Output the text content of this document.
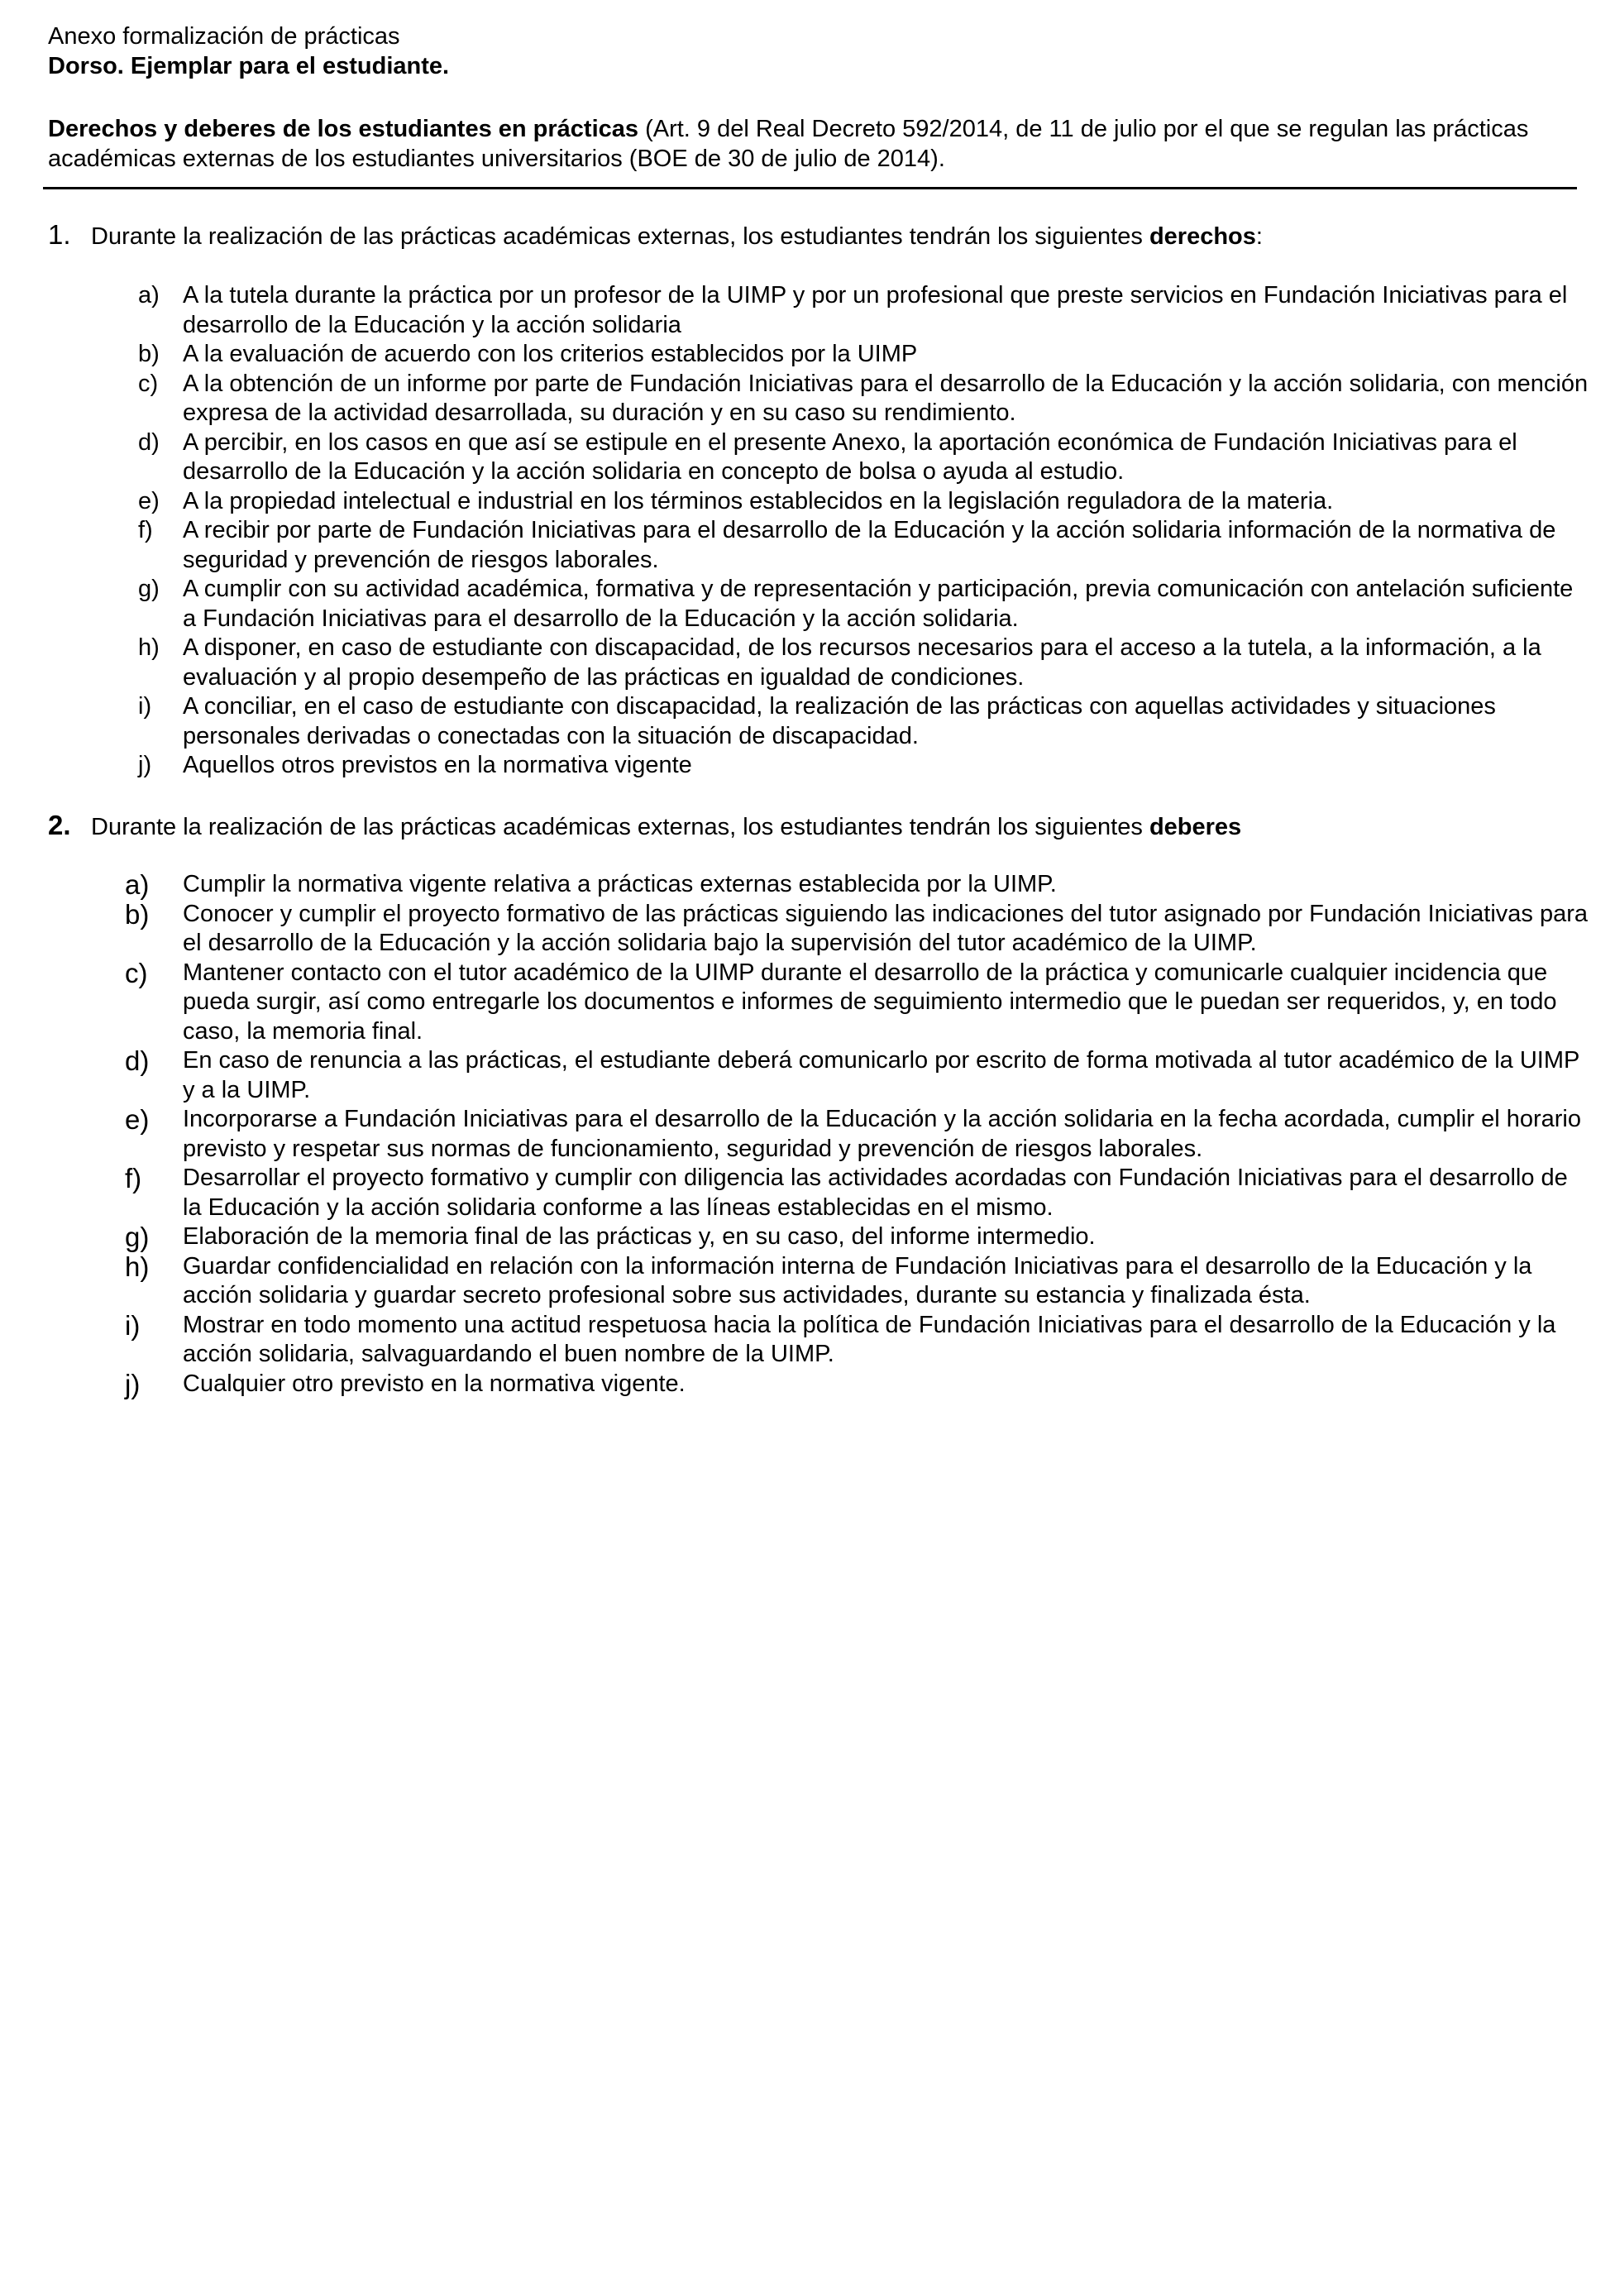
Anexo formalización de prácticas
Dorso. Ejemplar para el estudiante.
Derechos y deberes de los estudiantes en prácticas (Art. 9 del Real Decreto 592/2014, de 11 de julio por el que se regulan las prácticas académicas externas de los estudiantes universitarios (BOE de 30 de julio de 2014).
1. Durante la realización de las prácticas académicas externas, los estudiantes tendrán los siguientes derechos:
a) A la tutela durante la práctica por un profesor de la UIMP y por un profesional que preste servicios en Fundación Iniciativas para el desarrollo de la Educación y la acción solidaria
b) A la evaluación de acuerdo con los criterios establecidos por la UIMP
c) A la obtención de un informe por parte de Fundación Iniciativas para el desarrollo de la Educación y la acción solidaria, con mención expresa de la actividad desarrollada, su duración y en su caso su rendimiento.
d) A percibir, en los casos en que así se estipule en el presente Anexo, la aportación económica de Fundación Iniciativas para el desarrollo de la Educación y la acción solidaria en concepto de bolsa o ayuda al estudio.
e) A la propiedad intelectual e industrial en los términos establecidos en la legislación reguladora de la materia.
f) A recibir por parte de Fundación Iniciativas para el desarrollo de la Educación y la acción solidaria información de la normativa de seguridad y prevención de riesgos laborales.
g) A cumplir con su actividad académica, formativa y de representación y participación, previa comunicación con antelación suficiente a Fundación Iniciativas para el desarrollo de la Educación y la acción solidaria.
h) A disponer, en caso de estudiante con discapacidad, de los recursos necesarios para el acceso a la tutela, a la información, a la evaluación y al propio desempeño de las prácticas en igualdad de condiciones.
i) A conciliar, en el caso de estudiante con discapacidad, la realización de las prácticas con aquellas actividades y situaciones personales derivadas o conectadas con la situación de discapacidad.
j) Aquellos otros previstos en la normativa vigente
2. Durante la realización de las prácticas académicas externas, los estudiantes tendrán los siguientes deberes
a) Cumplir la normativa vigente relativa a prácticas externas establecida por la UIMP.
b) Conocer y cumplir el proyecto formativo de las prácticas siguiendo las indicaciones del tutor asignado por Fundación Iniciativas para el desarrollo de la Educación y la acción solidaria bajo la supervisión del tutor académico de la UIMP.
c) Mantener contacto con el tutor académico de la UIMP durante el desarrollo de la práctica y comunicarle cualquier incidencia que pueda surgir, así como entregarle los documentos e informes de seguimiento intermedio que le puedan ser requeridos, y, en todo caso, la memoria final.
d) En caso de renuncia a las prácticas, el estudiante deberá comunicarlo por escrito de forma motivada al tutor académico de la UIMP y a la UIMP.
e) Incorporarse a Fundación Iniciativas para el desarrollo de la Educación y la acción solidaria en la fecha acordada, cumplir el horario previsto y respetar sus normas de funcionamiento, seguridad y prevención de riesgos laborales.
f) Desarrollar el proyecto formativo y cumplir con diligencia las actividades acordadas con Fundación Iniciativas para el desarrollo de la Educación y la acción solidaria conforme a las líneas establecidas en el mismo.
g) Elaboración de la memoria final de las prácticas y, en su caso, del informe intermedio.
h) Guardar confidencialidad en relación con la información interna de Fundación Iniciativas para el desarrollo de la Educación y la acción solidaria y guardar secreto profesional sobre sus actividades, durante su estancia y finalizada ésta.
i) Mostrar en todo momento una actitud respetuosa hacia la política de Fundación Iniciativas para el desarrollo de la Educación y la acción solidaria, salvaguardando el buen nombre de la UIMP.
j) Cualquier otro previsto en la normativa vigente.
